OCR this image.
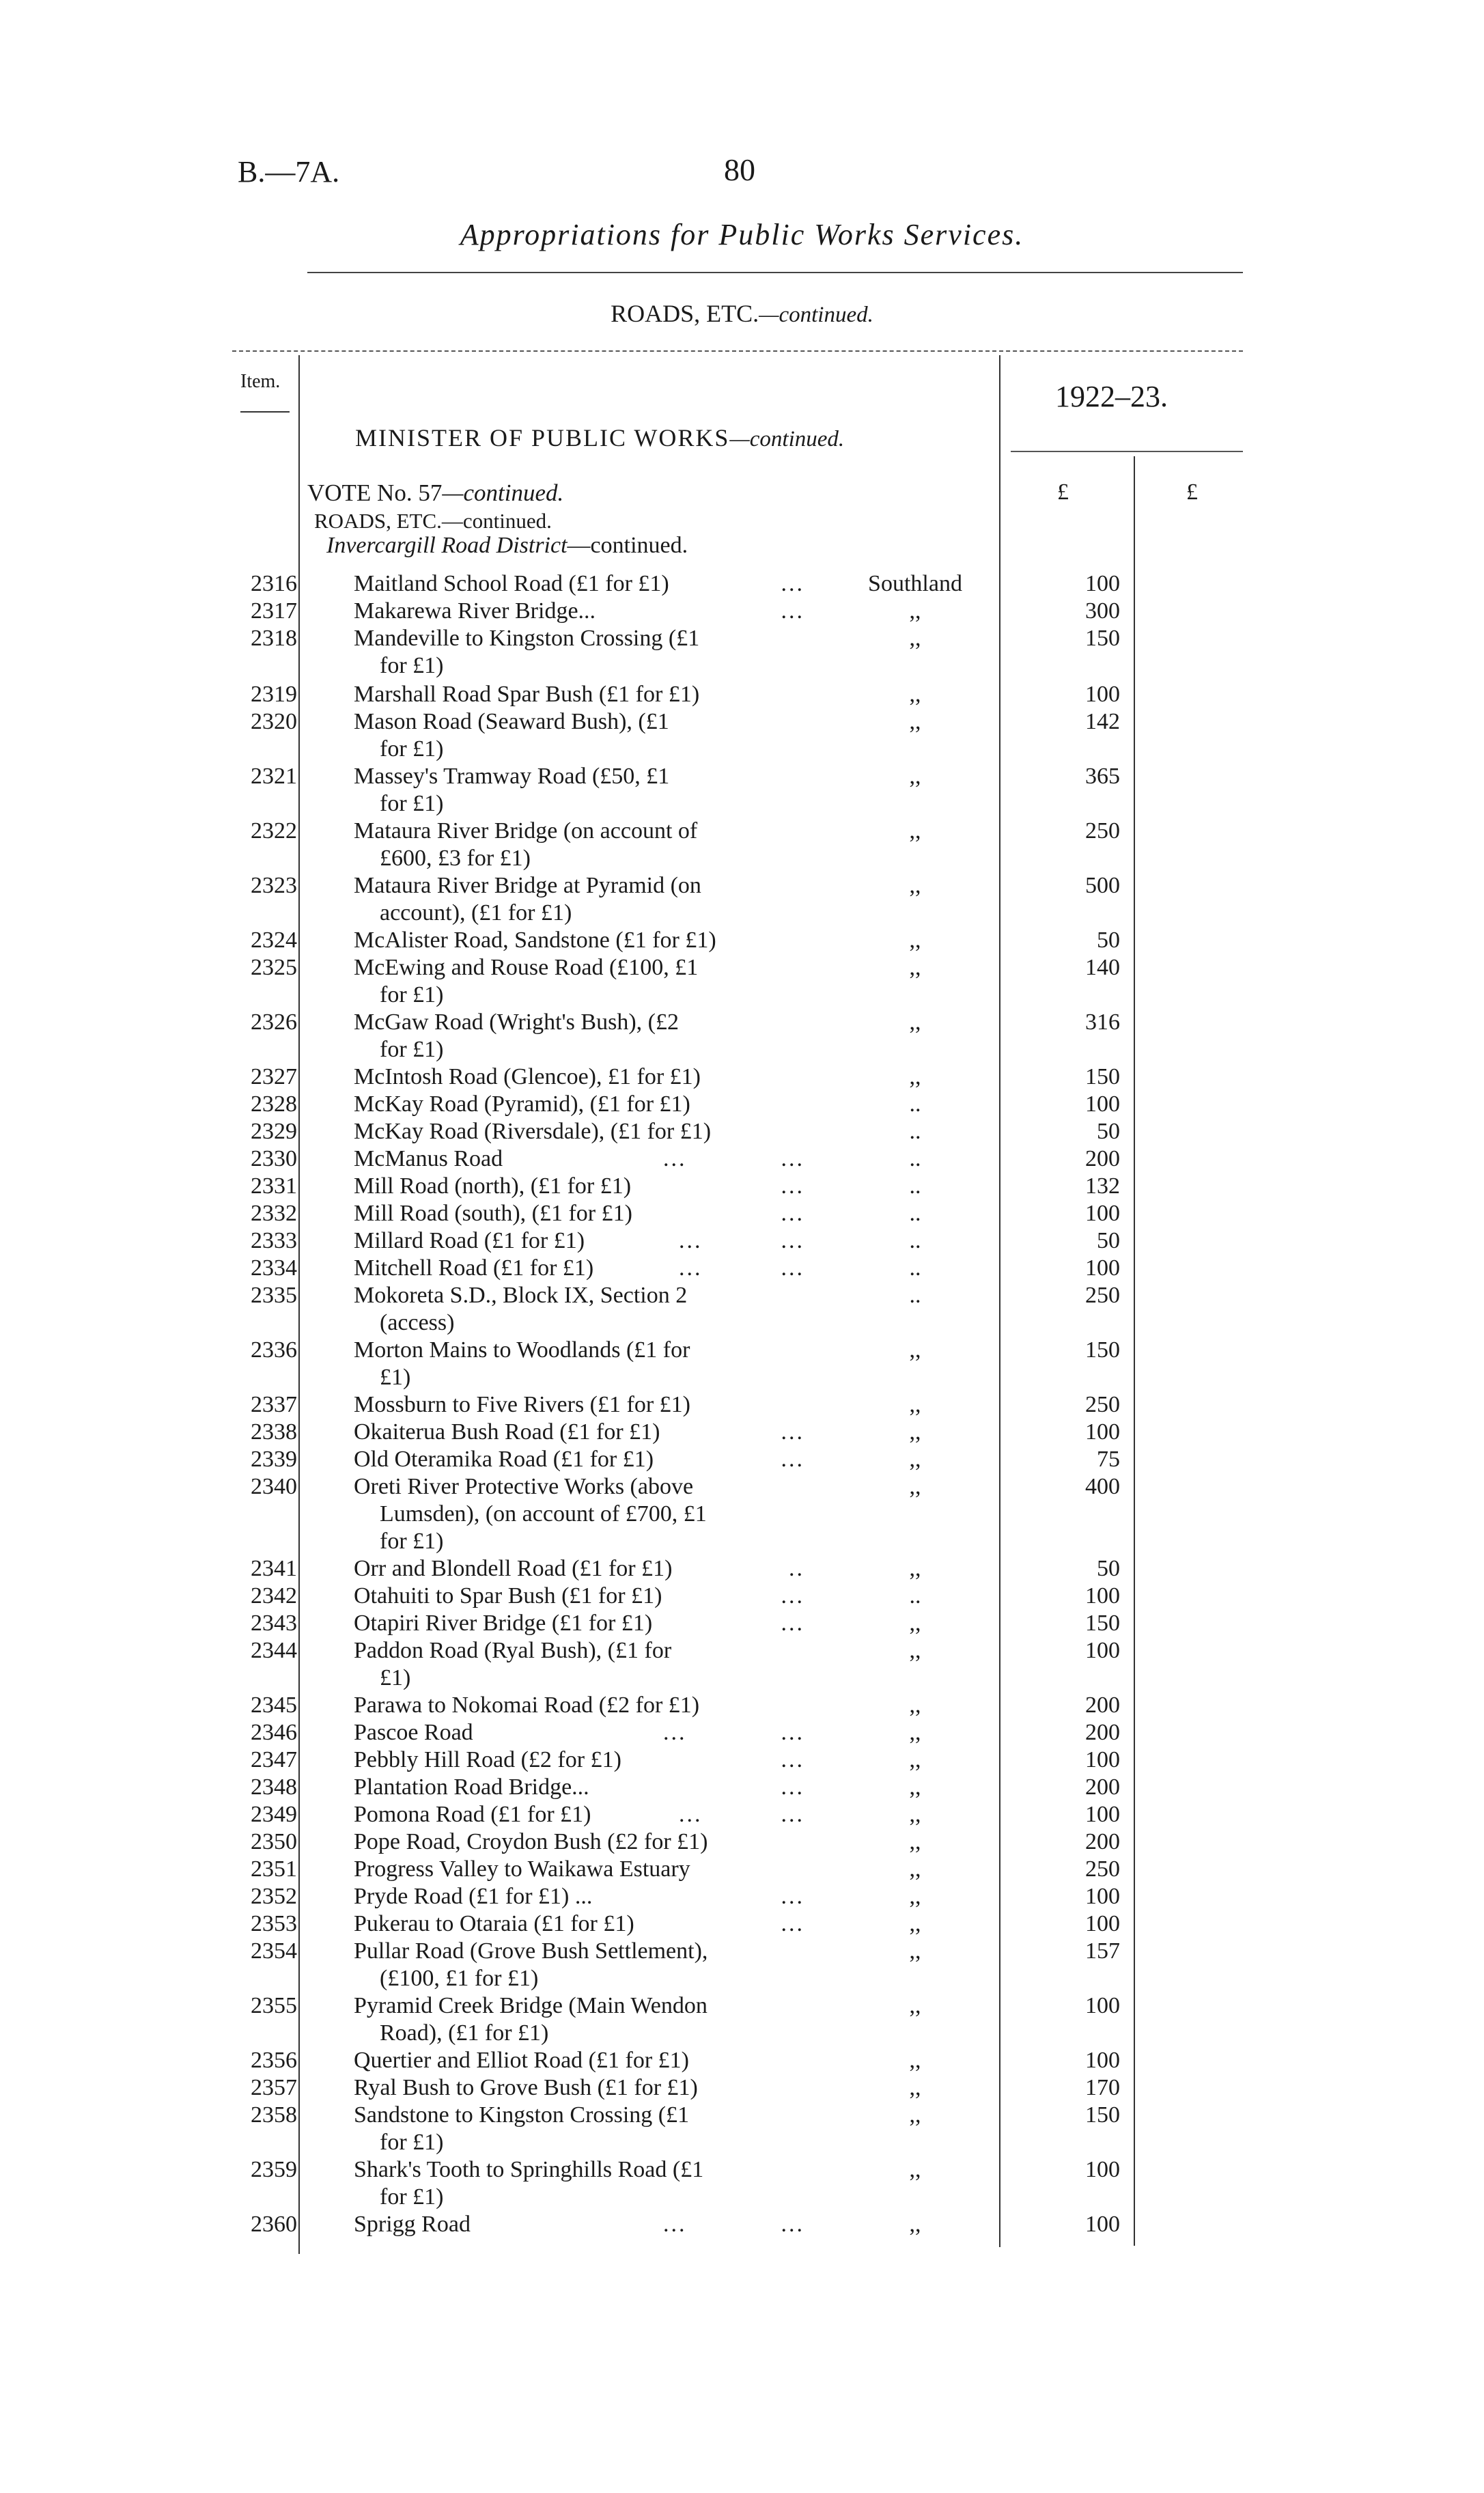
B.—7A.	80
Appropriations for Public Works Services.
ROADS, ETC.—continued.
Item.	1922–23.
£	£
MINISTER OF PUBLIC WORKS—continued.
VOTE No. 57—continued.
ROADS, ETC.—continued.
Invercargill Road District—continued.
2316 Maitland School Road (£1 for £1)	...	Southland	100
2317 Makarewa River Bridge...	...	,,	300
2318 Mandeville to Kingston Crossing (£1
for £1)
,,	150
2319 Marshall Road Spar Bush (£1 for £1)	,,	100
2320 Mason Road (Seaward Bush), (£1
for £1)
,,	142
2321 Massey's Tramway Road (£50, £1
for £1)
,,	365
2322 Mataura River Bridge (on account of
£600, £3 for £1)
,,	250
2323 Mataura River Bridge at Pyramid (on
account), (£1 for £1)
,,	500
2324 McAlister Road, Sandstone (£1 for £1)	,,	50
2325 McEwing and Rouse Road (£100, £1
for £1)
,,	140
2326 McGaw Road (Wright's Bush), (£2
for £1)
,,	316
2327 McIntosh Road (Glencoe), £1 for £1)	,,	150
2328 McKay Road (Pyramid), (£1 for £1)	..	100
2329 McKay Road (Riversdale), (£1 for £1)	..	50
2330 McManus Road	...            ...	..	200
2331 Mill Road (north), (£1 for £1)	...	..	132
2332 Mill Road (south), (£1 for £1)	...	..	100
2333 Millard Road (£1 for £1)	...          ...	..	50
2334 Mitchell Road (£1 for £1)	...          ...	..	100
2335 Mokoreta S.D., Block IX, Section 2
(access)
..	250
2336 Morton Mains to Woodlands (£1 for
£1)
,,	150
2337 Mossburn to Five Rivers (£1 for £1)	,,	250
2338 Okaiterua Bush Road (£1 for £1)	...	,,	100
2339 Old Oteramika Road (£1 for £1)	...	,,	75
2340 Oreti River Protective Works (above
Lumsden), (on account of £700, £1
for £1)
,,	400
2341 Orr and Blondell Road (£1 for £1)	..	,,	50
2342 Otahuiti to Spar Bush (£1 for £1)	...	..	100
2343 Otapiri River Bridge (£1 for £1)	...	,,	150
2344 Paddon Road (Ryal Bush), (£1 for
£1)
,,	100
2345 Parawa to Nokomai Road (£2 for £1)	,,	200
2346 Pascoe Road	...            ...	,,	200
2347 Pebbly Hill Road (£2 for £1)	...	,,	100
2348 Plantation Road Bridge...	...	,,	200
2349 Pomona Road (£1 for £1)	...          ...	,,	100
2350 Pope Road, Croydon Bush (£2 for £1)	,,	200
2351 Progress Valley to Waikawa Estuary	,,	250
2352 Pryde Road (£1 for £1) ...	...	,,	100
2353 Pukerau to Otaraia (£1 for £1)	...	,,	100
2354 Pullar Road (Grove Bush Settlement),
(£100, £1 for £1)
,,	157
2355 Pyramid Creek Bridge (Main Wendon
Road), (£1 for £1)
,,	100
2356 Quertier and Elliot Road (£1 for £1)	,,	100
2357 Ryal Bush to Grove Bush (£1 for £1)	,,	170
2358 Sandstone to Kingston Crossing (£1
for £1)
,,	150
2359 Shark's Tooth to Springhills Road (£1
for £1)
,,	100
2360 Sprigg Road	...            ...	,,	100
